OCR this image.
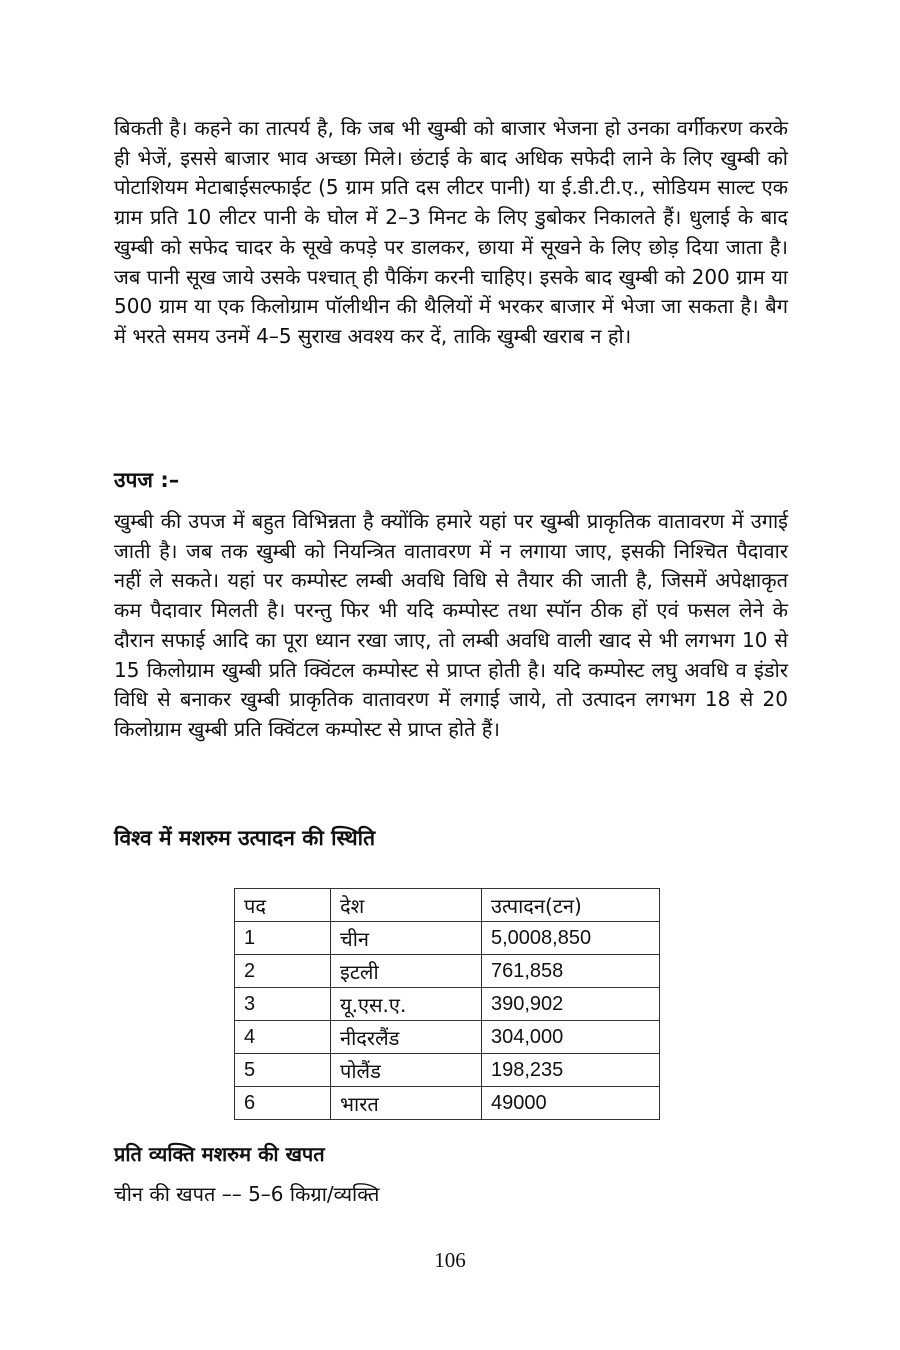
बिकती है। कहने का तात्पर्य है, कि जब भी खुम्बी को बाजार भेजना हो उनका वर्गीकरण करके ही भेजें, इससे बाजार भाव अच्छा मिले। छंटाई के बाद अधिक सफेदी लाने के लिए खुम्बी को पोटाशियम मेटाबाईसल्फाईट (5 ग्राम प्रति दस लीटर पानी) या ई.डी.टी.ए., सोडियम साल्ट एक ग्राम प्रति 10 लीटर पानी के घोल में 2–3 मिनट के लिए डुबोकर निकालते हैं। धुलाई के बाद खुम्बी को सफेद चादर के सूखे कपड़े पर डालकर, छाया में सूखने के लिए छोड़ दिया जाता है। जब पानी सूख जाये उसके पश्चात् ही पैकिंग करनी चाहिए। इसके बाद खुम्बी को 200 ग्राम या 500 ग्राम या एक किलोग्राम पॉलीथीन की थैलियों में भरकर बाजार में भेजा जा सकता है। बैग में भरते समय उनमें 4–5 सुराख अवश्य कर दें, ताकि खुम्बी खराब न हो।

उपज :–

खुम्बी की उपज में बहुत विभिन्नता है क्योंकि हमारे यहां पर खुम्बी प्राकृतिक वातावरण में उगाई जाती है। जब तक खुम्बी को नियन्त्रित वातावरण में न लगाया जाए, इसकी निश्चित पैदावार नहीं ले सकते। यहां पर कम्पोस्ट लम्बी अवधि विधि से तैयार की जाती है, जिसमें अपेक्षाकृत कम पैदावार मिलती है। परन्तु फिर भी यदि कम्पोस्ट तथा स्पॉन ठीक हों एवं फसल लेने के दौरान सफाई आदि का पूरा ध्यान रखा जाए, तो लम्बी अवधि वाली खाद से भी लगभग 10 से 15 किलोग्राम खुम्बी प्रति क्विंटल कम्पोस्ट से प्राप्त होती है। यदि कम्पोस्ट लघु अवधि व इंडोर विधि से बनाकर खुम्बी प्राकृतिक वातावरण में लगाई जाये, तो उत्पादन लगभग 18 से 20 किलोग्राम खुम्बी प्रति क्विंटल कम्पोस्ट से प्राप्त होते हैं।

विश्व में मशरुम उत्पादन की स्थिति

पद	देश	उत्पादन(टन)
1	चीन	5,0008,850
2	इटली	761,858
3	यू.एस.ए.	390,902
4	नीदरलैंड	304,000
5	पोलैंड	198,235
6	भारत	49000

प्रति व्यक्ति मशरुम की खपत

चीन की खपत –– 5–6 किग्रा/व्यक्ति

106
